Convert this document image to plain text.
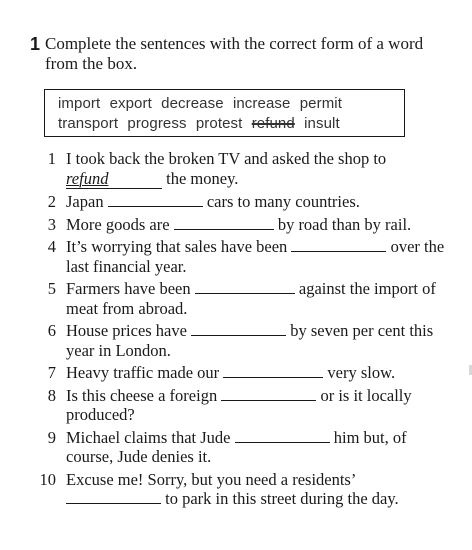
1 Complete the sentences with the correct form of a word from the box.
import export decrease increase permit
transport progress protest refund insult
1 I took back the broken TV and asked the shop to refund	the money.
2 Japan	cars to many countries.
3 More goods are	by road than by rail.
4 It’s worrying that sales have been	over the last financial year.
5 Farmers have been	against the import of meat from abroad.
6 House prices have	by seven per cent this year in London.
7 Heavy traffic made our	very slow.
8 Is this cheese a foreign	or is it locally produced?
9 Michael claims that Jude	him but, of course, Jude denies it.
10 Excuse me! Sorry, but you need a residents’  to park in this street during the day.
